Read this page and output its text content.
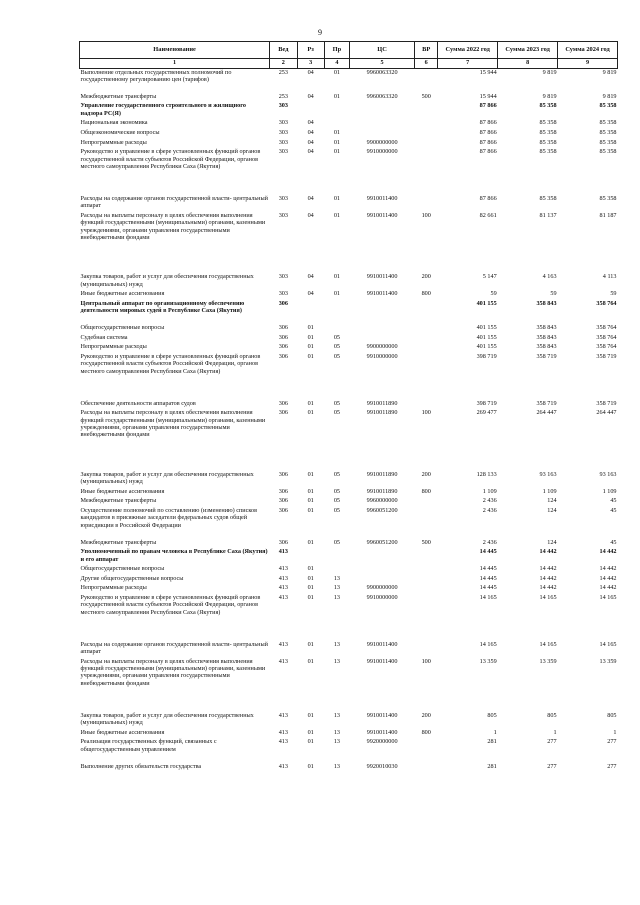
9
Наименование	Вед	Рз	Пр	ЦС	ВР	Сумма 2022 год	Сумма 2023 год	Сумма 2024 год
1	2	3	4	5	6	7	8	9
Выполнение отдельных государственных полномочий по государственному регулированию цен (тарифов)	253	04	01	9960063320		15 944	9 819	9 819
Межбюджетные трансферты	253	04	01	9960063320	500	15 944	9 819	9 819
Управление государственного строительного и жилищного надзора РС(Я)	303					87 866	85 358	85 358
Национальная экономика	303	04				87 866	85 358	85 358
Общеэкономические вопросы	303	04	01			87 866	85 358	85 358
Непрограммные расходы	303	04	01	9900000000		87 866	85 358	85 358
Руководство и управление в сфере установленных функций органов государственной власти субъектов Российской Федерации, органов местного самоуправления Республики Саха (Якутия)	303	04	01	9910000000		87 866	85 358	85 358
Расходы на содержание органов государственной власти- центральный аппарат	303	04	01	9910011400		87 866	85 358	85 358
Расходы на выплаты персоналу в целях обеспечения выполнения функций государственными (муниципальными) органами, казенными учреждениями, органами управления государственными внебюджетными фондами	303	04	01	9910011400	100	82 661	81 137	81 187
Закупка товаров, работ и услуг для обеспечения государственных (муниципальных) нужд	303	04	01	9910011400	200	5 147	4 163	4 113
Иные бюджетные ассигнования	303	04	01	9910011400	800	59	59	59
Центральный аппарат по организационному обеспечению деятельности мировых судей в Республике Саха (Якутия)	306					401 155	358 843	358 764
Общегосударственные вопросы	306	01				401 155	358 843	358 764
Судебная система	306	01	05			401 155	358 843	358 764
Непрограммные расходы	306	01	05	9900000000		401 155	358 843	358 764
Руководство и управление в сфере установленных функций органов государственной власти субъектов Российской Федерации, органов местного самоуправления Республики Саха (Якутия)	306	01	05	9910000000		398 719	358 719	358 719
Обеспечение деятельности аппаратов судов	306	01	05	9910011890		398 719	358 719	358 719
Расходы на выплаты персоналу в целях обеспечения выполнения функций государственными (муниципальными) органами, казенными учреждениями, органами управления государственными внебюджетными фондами	306	01	05	9910011890	100	269 477	264 447	264 447
Закупка товаров, работ и услуг для обеспечения государственных (муниципальных) нужд	306	01	05	9910011890	200	128 133	93 163	93 163
Иные бюджетные ассигнования	306	01	05	9910011890	800	1 109	1 109	1 109
Межбюджетные трансферты	306	01	05	9960000000		2 436	124	45
Осуществление полномочий по составлению (изменению) списков кандидатов в присяжные заседатели федеральных судов общей юрисдикции в Российской Федерации	306	01	05	9960051200		2 436	124	45
Межбюджетные трансферты	306	01	05	9960051200	500	2 436	124	45
Уполномоченный по правам человека в Республике Саха (Якутия) и его аппарат	413					14 445	14 442	14 442
Общегосударственные вопросы	413	01				14 445	14 442	14 442
Другие общегосударственные вопросы	413	01	13			14 445	14 442	14 442
Непрограммные расходы	413	01	13	9900000000		14 445	14 442	14 442
Руководство и управление в сфере установленных функций органов государственной власти субъектов Российской Федерации, органов местного самоуправления Республики Саха (Якутия)	413	01	13	9910000000		14 165	14 165	14 165
Расходы на содержание органов государственной власти- центральный аппарат	413	01	13	9910011400		14 165	14 165	14 165
Расходы на выплаты персоналу в целях обеспечения выполнения функций государственными (муниципальными) органами, казенными учреждениями, органами управления государственными внебюджетными фондами	413	01	13	9910011400	100	13 359	13 359	13 359
Закупка товаров, работ и услуг для обеспечения государственных (муниципальных) нужд	413	01	13	9910011400	200	805	805	805
Иные бюджетные ассигнования	413	01	13	9910011400	800	1	1	1
Реализация государственных функций, связанных с общегосударственным управлением	413	01	13	9920000000		281	277	277
Выполнение других обязательств государства	413	01	13	9920010030		281	277	277
